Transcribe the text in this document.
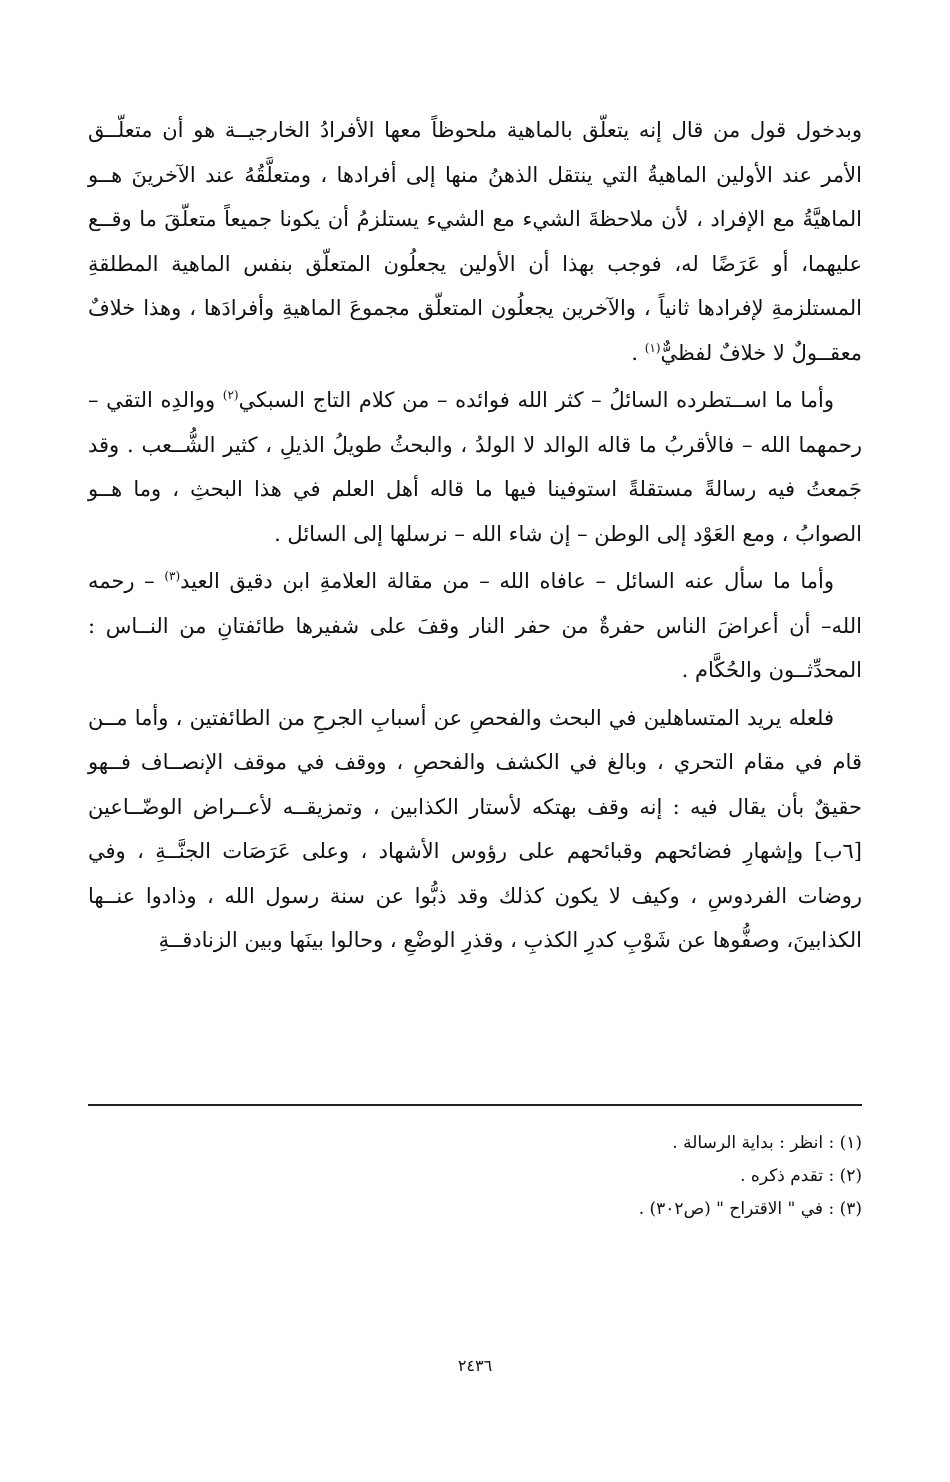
وبدخول قول من قال إنه يتعلّق بالماهية ملحوظاً معها الأفرادُ الخارجيــة هو أن متعلّــق الأمر عند الأولين الماهيةُ التي ينتقل الذهنُ منها إلى أفرادها ، ومتعلَّقُهُ عند الآخرينَ هــو الماهيَّةُ مع الإفراد ، لأن ملاحظةَ الشيء مع الشيء يستلزمُ أن يكونا جميعاً متعلّقَ ما وقــع عليهما، أو عَرَضًا له، فوجب بهذا أن الأولين يجعلُون المتعلّق بنفس الماهية المطلقةِ المستلزمةِ لإفرادها ثانياً ، والآخرين يجعلُون المتعلّق مجموعَ الماهيةِ وأفرادَها ، وهذا خلافٌ معقــولٌ لا خلافٌ لفظيٌّ$^{(١)}$ .

وأما ما اســتطرده السائلُ – كثر الله فوائده – من كلام التاج السبكي$^{(٢)}$ ووالدِه التقي – رحمهما الله – فالأقربُ ما قاله الوالد لا الولدُ ، والبحثُ طويلُ الذيلِ ، كثير الشُّــعب . وقد جَمعتُ فيه رسالةً مستقلةً استوفينا فيها ما قاله أهل العلم في هذا البحثِ ، وما هــو الصوابُ ، ومع العَوْد إلى الوطن – إن شاء الله – نرسلها إلى السائل .

وأما ما سأل عنه السائل – عافاه الله – من مقالة العلامةِ ابن دقيق العيد$^{(٣)}$ – رحمه الله– أن أعراضَ الناس حفرةٌ من حفر النار وقفَ على شفيرها طائفتانِ من النــاس : المحدِّثــون والحُكَّام .

فلعله يريد المتساهلين في البحث والفحصِ عن أسبابِ الجرحِ من الطائفتين ، وأما مــن قام في مقام التحري ، وبالغ في الكشف والفحصِ ، ووقف في موقف الإنصــاف فــهو حقيقٌ بأن يقال فيه : إنه وقف بهتكه لأستار الكذابين ، وتمزيقــه لأعــراض الوضّــاعين [٦ب] وإشهارِ فضائحهم وقبائحهم على رؤوس الأشهاد ، وعلى عَرَصَات الجنَّــةِ ، وفي روضات الفردوسِ ، وكيف لا يكون كذلك وقد ذبُّوا عن سنة رسول الله ، وذادوا عنــها الكذابينَ، وصفُّوها عن شَوْبِ كدرِ الكذبِ ، وقذرِ الوضْعِ ، وحالوا بينَها وبين الزنادقــةِ

(١) : انظر : بداية الرسالة .

(٢) : تقدم ذكره .

(٣) : في " الاقتراح " (ص٣٠٢) .

٢٤٣٦
